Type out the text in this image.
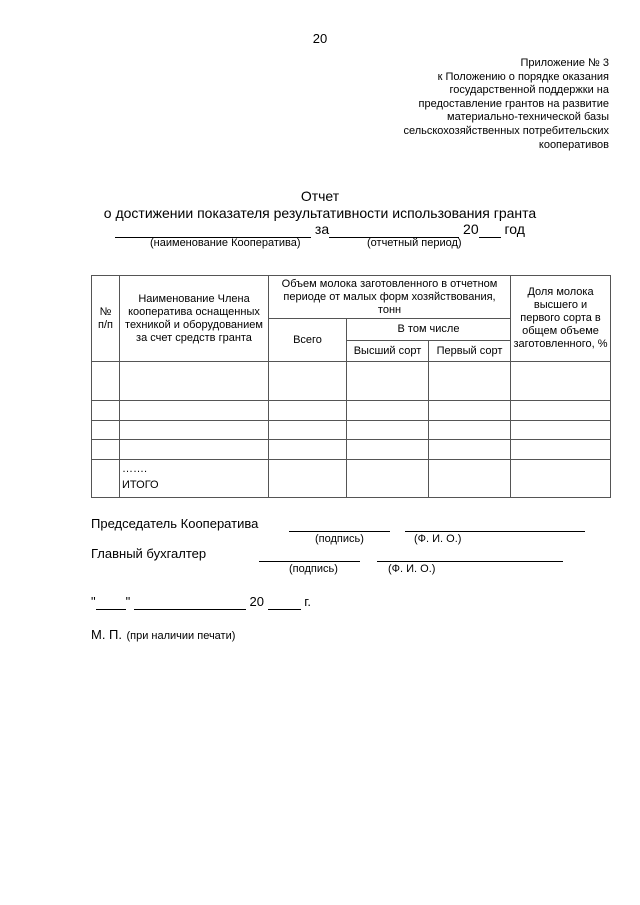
20
Приложение № 3
к Положению о порядке оказания
государственной поддержки на
предоставление грантов на развитие
материально-технической базы
сельскохозяйственных потребительских
кооперативов
Отчет
о достижении показателя результативности использования гранта
за	20 год
(наименование Кооператива)	(отчетный период)
№ п/п	Наименование Члена кооператива оснащенных техникой и оборудованием за счет средств гранта	Объем молока заготовленного в отчетном периоде от малых форм хозяйствования, тонн			Доля молока высшего и первого сорта в общем объеме заготовленного, %
		Всего	В том числе		
			Высший сорт	Первый сорт	

	…….
ИТОГО				

Председатель Кооператива
(подпись)	(Ф. И. О.)
Главный бухгалтер
(подпись)	(Ф. И. О.)
" "	20	г.
М. П. (при наличии печати)
